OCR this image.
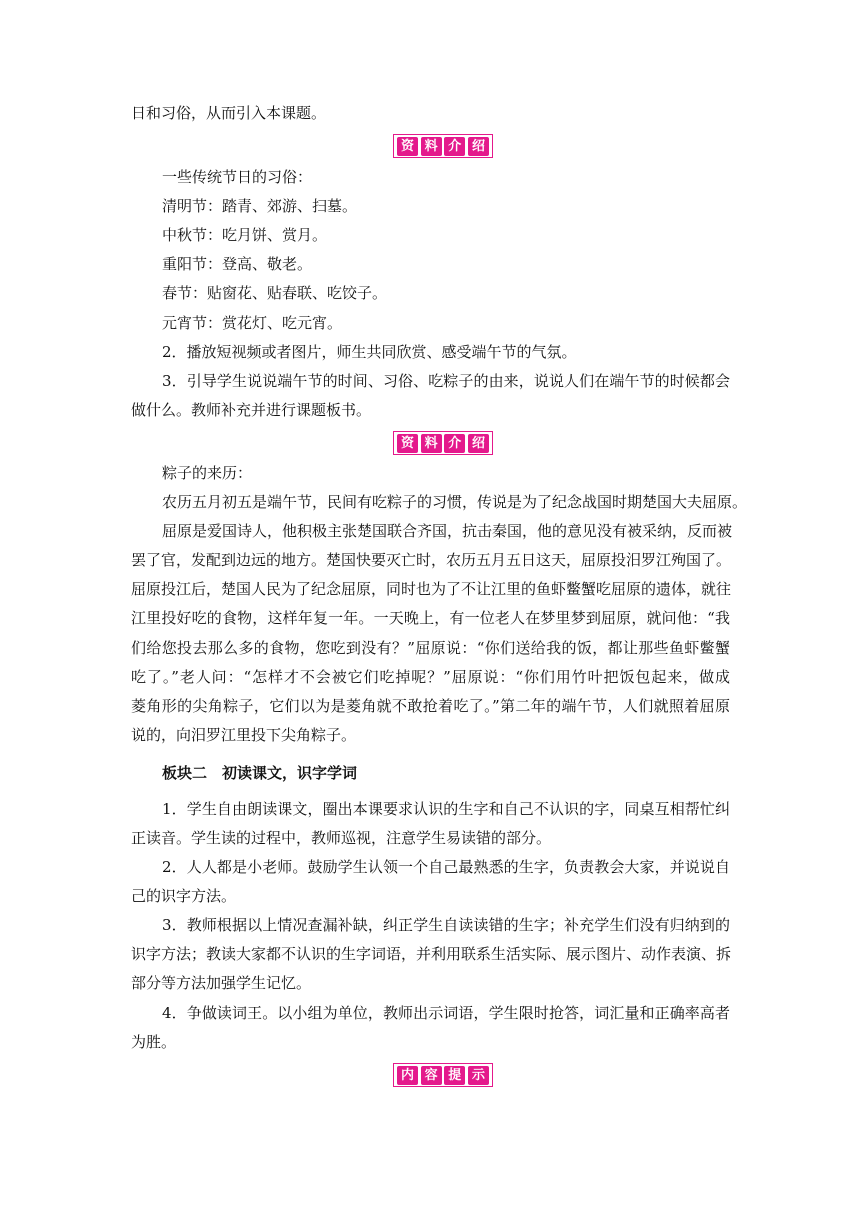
日和习俗，从而引入本课题。
资 料 介 绍
一些传统节日的习俗：
清明节：踏青、郊游、扫墓。
中秋节：吃月饼、赏月。
重阳节：登高、敬老。
春节：贴窗花、贴春联、吃饺子。
元宵节：赏花灯、吃元宵。
2．播放短视频或者图片，师生共同欣赏、感受端午节的气氛。
3．引导学生说说端午节的时间、习俗、吃粽子的由来，说说人们在端午节的时候都会
做什么。教师补充并进行课题板书。
资 料 介 绍
粽子的来历：
农历五月初五是端午节，民间有吃粽子的习惯，传说是为了纪念战国时期楚国大夫屈原。
屈原是爱国诗人，他积极主张楚国联合齐国，抗击秦国，他的意见没有被采纳，反而被
罢了官，发配到边远的地方。楚国快要灭亡时，农历五月五日这天，屈原投汨罗江殉国了。
屈原投江后，楚国人民为了纪念屈原，同时也为了不让江里的鱼虾鳖蟹吃屈原的遗体，就往
江里投好吃的食物，这样年复一年。一天晚上，有一位老人在梦里梦到屈原，就问他：“我
们给您投去那么多的食物，您吃到没有？”屈原说：“你们送给我的饭，都让那些鱼虾鳖蟹
吃了。”老人问：“怎样才不会被它们吃掉呢？”屈原说：“你们用竹叶把饭包起来，做成
菱角形的尖角粽子，它们以为是菱角就不敢抢着吃了。”第二年的端午节，人们就照着屈原
说的，向汨罗江里投下尖角粽子。
板块二　初读课文，识字学词
1．学生自由朗读课文，圈出本课要求认识的生字和自己不认识的字，同桌互相帮忙纠
正读音。学生读的过程中，教师巡视，注意学生易读错的部分。
2．人人都是小老师。鼓励学生认领一个自己最熟悉的生字，负责教会大家，并说说自
己的识字方法。
3．教师根据以上情况查漏补缺，纠正学生自读读错的生字；补充学生们没有归纳到的
识字方法；教读大家都不认识的生字词语，并利用联系生活实际、展示图片、动作表演、拆
部分等方法加强学生记忆。
4．争做读词王。以小组为单位，教师出示词语，学生限时抢答，词汇量和正确率高者
为胜。
内 容 提 示
